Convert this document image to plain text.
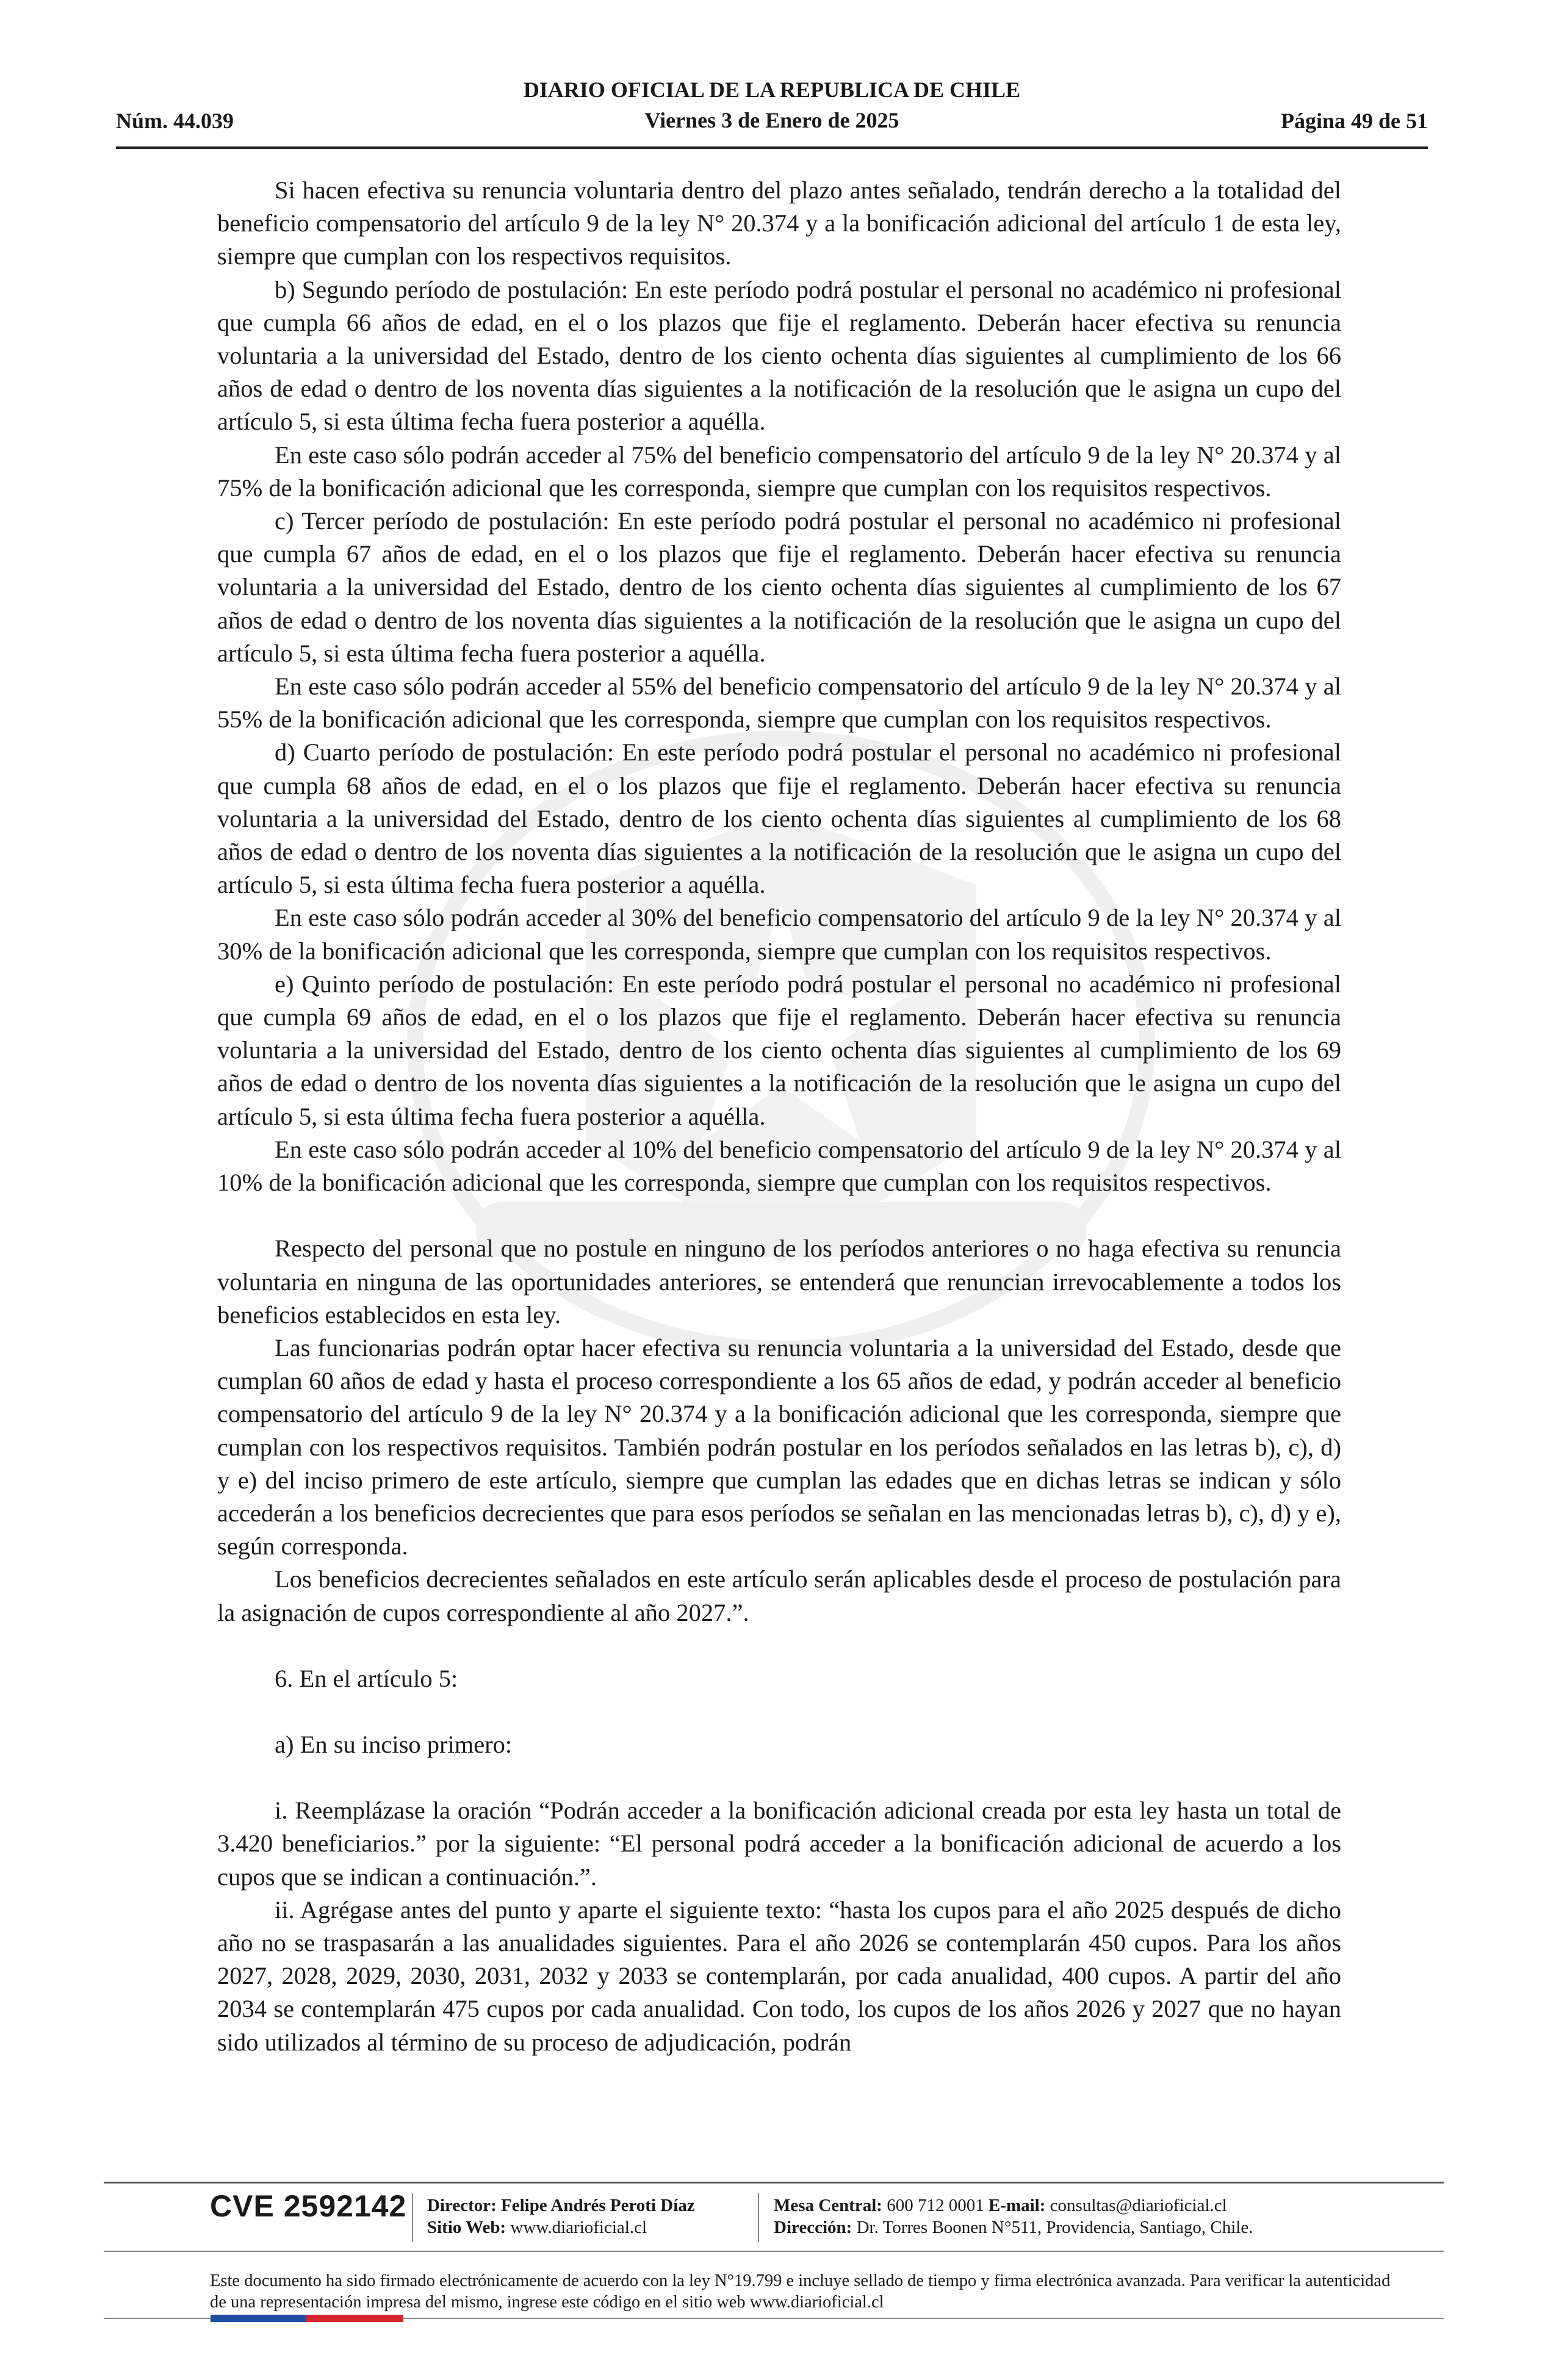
Núm. 44.039
DIARIO OFICIAL DE LA REPUBLICA DE CHILE
Viernes 3 de Enero de 2025	Página 49 de 51

Si hacen efectiva su renuncia voluntaria dentro del plazo antes señalado, tendrán derecho a la totalidad del beneficio compensatorio del artículo 9 de la ley N° 20.374 y a la bonificación adicional del artículo 1 de esta ley, siempre que cumplan con los respectivos requisitos.

b) Segundo período de postulación: En este período podrá postular el personal no académico ni profesional que cumpla 66 años de edad, en el o los plazos que fije el reglamento. Deberán hacer efectiva su renuncia voluntaria a la universidad del Estado, dentro de los ciento ochenta días siguientes al cumplimiento de los 66 años de edad o dentro de los noventa días siguientes a la notificación de la resolución que le asigna un cupo del artículo 5, si esta última fecha fuera posterior a aquélla.

En este caso sólo podrán acceder al 75% del beneficio compensatorio del artículo 9 de la ley N° 20.374 y al 75% de la bonificación adicional que les corresponda, siempre que cumplan con los requisitos respectivos.

c) Tercer período de postulación: En este período podrá postular el personal no académico ni profesional que cumpla 67 años de edad, en el o los plazos que fije el reglamento. Deberán hacer efectiva su renuncia voluntaria a la universidad del Estado, dentro de los ciento ochenta días siguientes al cumplimiento de los 67 años de edad o dentro de los noventa días siguientes a la notificación de la resolución que le asigna un cupo del artículo 5, si esta última fecha fuera posterior a aquélla.

En este caso sólo podrán acceder al 55% del beneficio compensatorio del artículo 9 de la ley N° 20.374 y al 55% de la bonificación adicional que les corresponda, siempre que cumplan con los requisitos respectivos.

d) Cuarto período de postulación: En este período podrá postular el personal no académico ni profesional que cumpla 68 años de edad, en el o los plazos que fije el reglamento. Deberán hacer efectiva su renuncia voluntaria a la universidad del Estado, dentro de los ciento ochenta días siguientes al cumplimiento de los 68 años de edad o dentro de los noventa días siguientes a la notificación de la resolución que le asigna un cupo del artículo 5, si esta última fecha fuera posterior a aquélla.

En este caso sólo podrán acceder al 30% del beneficio compensatorio del artículo 9 de la ley N° 20.374 y al 30% de la bonificación adicional que les corresponda, siempre que cumplan con los requisitos respectivos.

e) Quinto período de postulación: En este período podrá postular el personal no académico ni profesional que cumpla 69 años de edad, en el o los plazos que fije el reglamento. Deberán hacer efectiva su renuncia voluntaria a la universidad del Estado, dentro de los ciento ochenta días siguientes al cumplimiento de los 69 años de edad o dentro de los noventa días siguientes a la notificación de la resolución que le asigna un cupo del artículo 5, si esta última fecha fuera posterior a aquélla.

En este caso sólo podrán acceder al 10% del beneficio compensatorio del artículo 9 de la ley N° 20.374 y al 10% de la bonificación adicional que les corresponda, siempre que cumplan con los requisitos respectivos.

Respecto del personal que no postule en ninguno de los períodos anteriores o no haga efectiva su renuncia voluntaria en ninguna de las oportunidades anteriores, se entenderá que renuncian irrevocablemente a todos los beneficios establecidos en esta ley.

Las funcionarias podrán optar hacer efectiva su renuncia voluntaria a la universidad del Estado, desde que cumplan 60 años de edad y hasta el proceso correspondiente a los 65 años de edad, y podrán acceder al beneficio compensatorio del artículo 9 de la ley N° 20.374 y a la bonificación adicional que les corresponda, siempre que cumplan con los respectivos requisitos. También podrán postular en los períodos señalados en las letras b), c), d) y e) del inciso primero de este artículo, siempre que cumplan las edades que en dichas letras se indican y sólo accederán a los beneficios decrecientes que para esos períodos se señalan en las mencionadas letras b), c), d) y e), según corresponda.

Los beneficios decrecientes señalados en este artículo serán aplicables desde el proceso de postulación para la asignación de cupos correspondiente al año 2027.”.

6. En el artículo 5:

a) En su inciso primero:

i. Reemplázase la oración “Podrán acceder a la bonificación adicional creada por esta ley hasta un total de 3.420 beneficiarios.” por la siguiente: “El personal podrá acceder a la bonificación adicional de acuerdo a los cupos que se indican a continuación.”.

ii. Agrégase antes del punto y aparte el siguiente texto: “hasta los cupos para el año 2025 después de dicho año no se traspasarán a las anualidades siguientes. Para el año 2026 se contemplarán 450 cupos. Para los años 2027, 2028, 2029, 2030, 2031, 2032 y 2033 se contemplarán, por cada anualidad, 400 cupos. A partir del año 2034 se contemplarán 475 cupos por cada anualidad. Con todo, los cupos de los años 2026 y 2027 que no hayan sido utilizados al término de su proceso de adjudicación, podrán

CVE 2592142 Director: Felipe Andrés Peroti Díaz
Sitio Web: www.diarioficial.cl
Mesa Central: 600 712 0001 E-mail: consultas@diarioficial.cl
Dirección: Dr. Torres Boonen N°511, Providencia, Santiago, Chile.
Este documento ha sido firmado electrónicamente de acuerdo con la ley N°19.799 e incluye sellado de tiempo y firma electrónica avanzada. Para verificar la autenticidad de una representación impresa del mismo, ingrese este código en el sitio web www.diarioficial.cl
